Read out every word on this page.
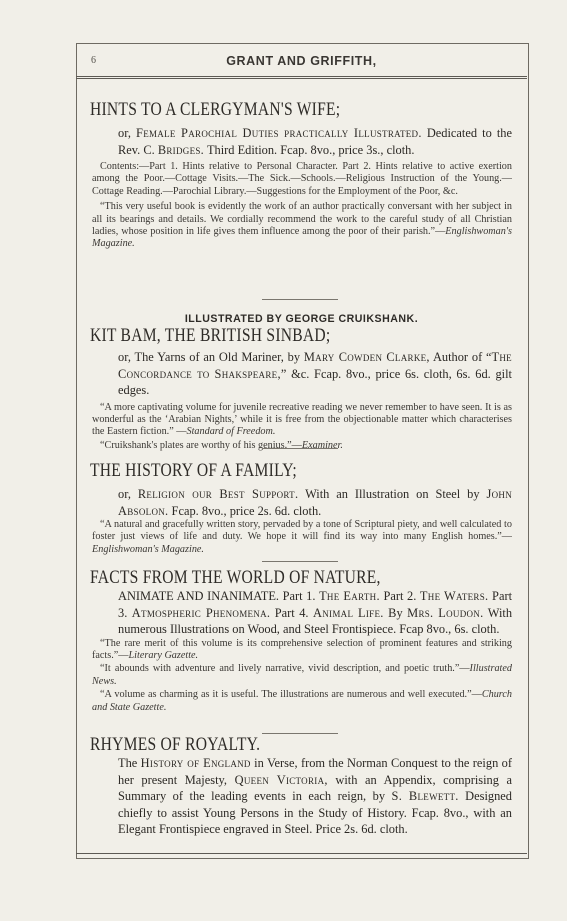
6	GRANT AND GRIFFITH,
HINTS TO A CLERGYMAN'S WIFE;

or, Female Parochial Duties practically Illustrated. Dedicated to the Rev. C. Bridges. Third Edition. Fcap. 8vo., price 3s., cloth.

Contents:—Part 1. Hints relative to Personal Character. Part 2. Hints relative to active exertion among the Poor.—Cottage Visits.—The Sick.—Schools.—Religious Instruction of the Young.—Cottage Reading.—Parochial Library.—Suggestions for the Employment of the Poor, &c.

“This very useful book is evidently the work of an author practically conversant with her subject in all its bearings and details. We cordially recommend the work to the careful study of all Christian ladies, whose position in life gives them influence among the poor of their parish.”—Englishwoman's Magazine.

ILLUSTRATED BY GEORGE CRUIKSHANK.
KIT BAM, THE BRITISH SINBAD;

or, The Yarns of an Old Mariner, by Mary Cowden Clarke, Author of “The Concordance to Shakspeare,” &c. Fcap. 8vo., price 6s. cloth, 6s. 6d. gilt edges.

“A more captivating volume for juvenile recreative reading we never remember to have seen. It is as wonderful as the ‘Arabian Nights,’ while it is free from the objectionable matter which characterises the Eastern fiction.” —Standard of Freedom.

“Cruikshank's plates are worthy of his genius.”—Examiner.

THE HISTORY OF A FAMILY;

or, Religion our Best Support. With an Illustration on Steel by John Absolon. Fcap. 8vo., price 2s. 6d. cloth.

“A natural and gracefully written story, pervaded by a tone of Scriptural piety, and well calculated to foster just views of life and duty. We hope it will find its way into many English homes.”—Englishwoman's Magazine.

FACTS FROM THE WORLD OF NATURE,

ANIMATE AND INANIMATE. Part 1. The Earth. Part 2. The Waters. Part 3. Atmospheric Phenomena. Part 4. Animal Life. By Mrs. Loudon. With numerous Illustrations on Wood, and Steel Frontispiece. Fcap 8vo., 6s. cloth.

“The rare merit of this volume is its comprehensive selection of prominent features and striking facts.”—Literary Gazette.

“It abounds with adventure and lively narrative, vivid description, and poetic truth.”—Illustrated News.

“A volume as charming as it is useful. The illustrations are numerous and well executed.”—Church and State Gazette.

RHYMES OF ROYALTY.

The History of England in Verse, from the Norman Conquest to the reign of her present Majesty, Queen Victoria, with an Appendix, comprising a Summary of the leading events in each reign, by S. Blewett. Designed chiefly to assist Young Persons in the Study of History. Fcap. 8vo., with an Elegant Frontispiece engraved in Steel. Price 2s. 6d. cloth.
